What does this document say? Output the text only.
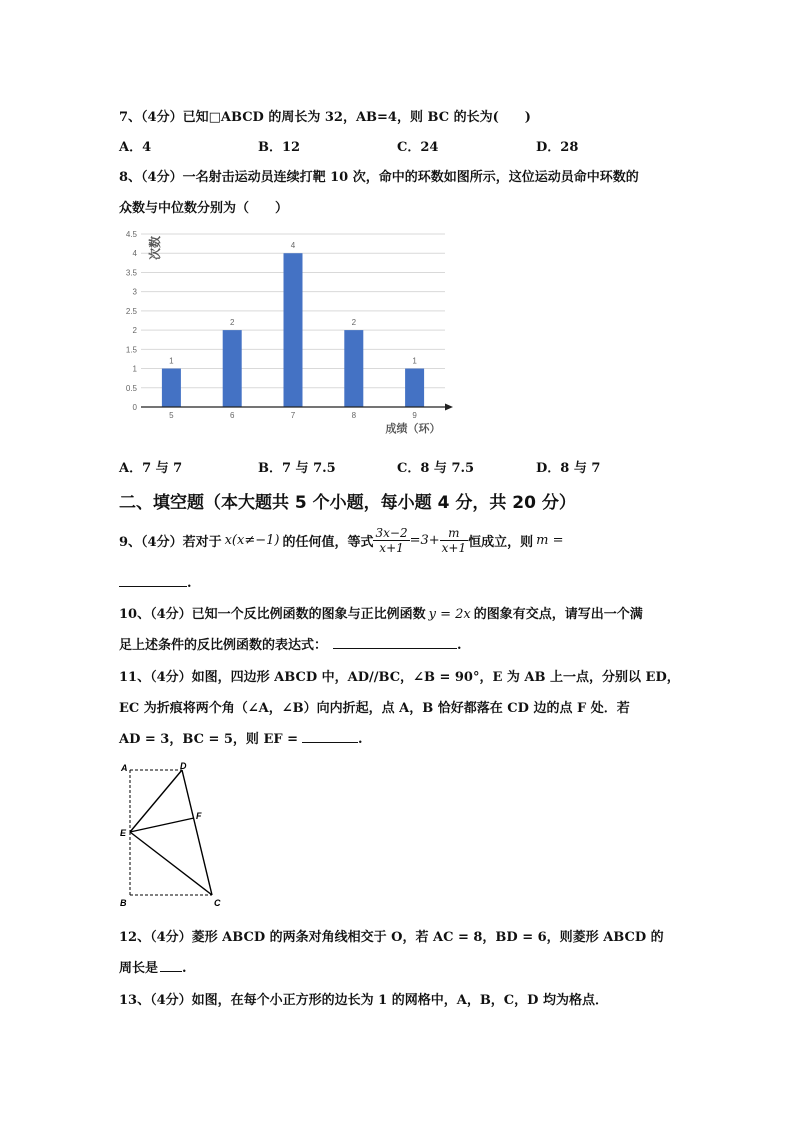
7、（4分）已知□ABCD 的周长为 32，AB=4，则 BC 的长为(　　)
A．4	B．12	C．24	D．28
8、（4分）一名射击运动员连续打靶 10 次，命中的环数如图所示，这位运动员命中环数的
众数与中位数分别为（　　）
0
0.5
1
1.5
2
2.5
3
3.5
4
4.5
1
2
4
2
1
5	6	7	8	9
次数
成绩（环）
A．7 与 7	B．7 与 7.5	C．8 与 7.5	D．8 与 7
二、填空题（本大题共 5 个小题，每小题 4 分，共 20 分）
9、（4分）若对于 x(x≠−1) 的任何值，等式 $\frac{3x-2}{x+1} =3+ \frac{m}{x+1}$ 恒成立，则 m =
.
10、（4分）已知一个反比例函数的图象与正比例函数 y = 2x 的图象有交点，请写出一个满
足上述条件的反比例函数的表达式：	.
11、（4分）如图，四边形 ABCD 中，AD//BC，∠B = 90°，E 为 AB 上一点，分别以 ED，
EC 为折痕将两个角（∠A，∠B）向内折起，点 A，B 恰好都落在 CD 边的点 F 处．若
AD = 3，BC = 5，则 EF =	.
A	D
F
E
B	C
12、（4分）菱形 ABCD 的两条对角线相交于 O，若 AC = 8，BD = 6，则菱形 ABCD 的
周长是 .
13、（4分）如图，在每个小正方形的边长为 1 的网格中，A，B，C，D 均为格点．
